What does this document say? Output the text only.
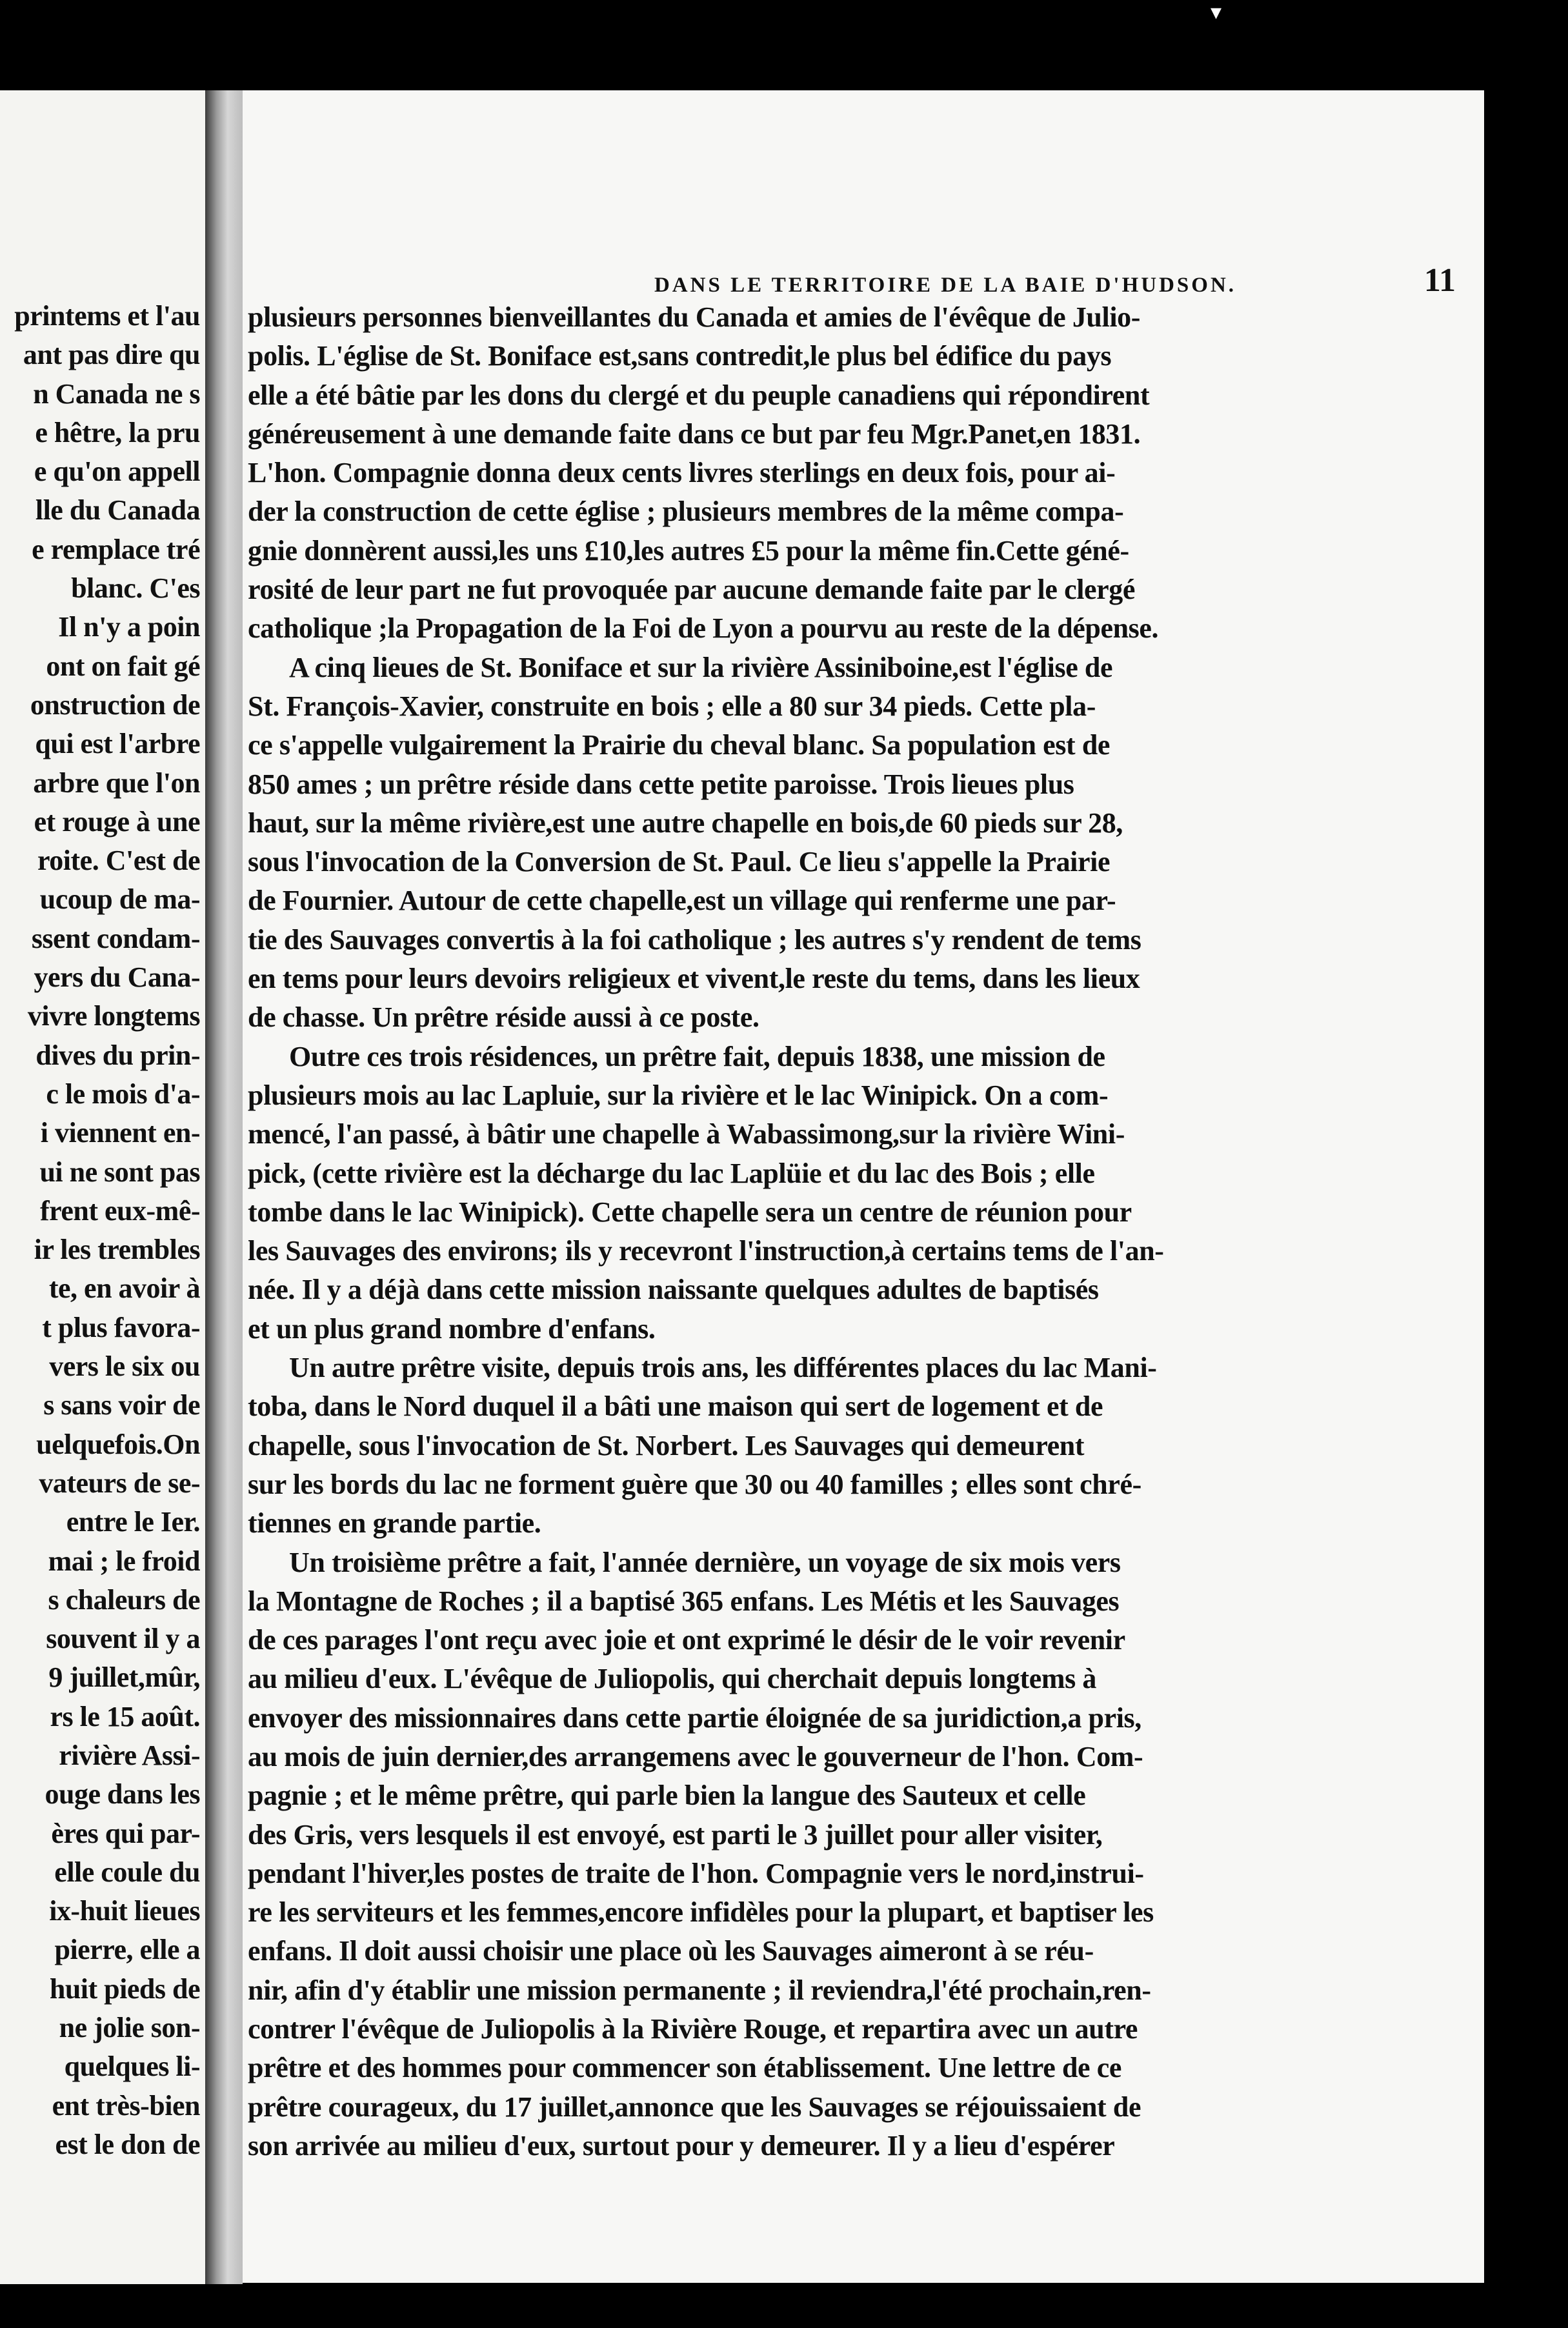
printems et l'au
ant pas dire qu
n Canada ne s
e hêtre, la pru
e qu'on appell
lle du Canada
e remplace tré
blanc. C'es
Il n'y a poin
ont on fait gé
onstruction de
qui est l'arbre
arbre que l'on
et rouge à une
roite. C'est de
ucoup de ma-
ssent condam-
yers du Cana-
vivre longtems
dives du prin-
c le mois d'a-
i viennent en-
ui ne sont pas
frent eux-mê-
ir les trembles
te, en avoir à
t plus favora-
vers le six ou
s sans voir de
uelquefois.On
vateurs de se-
entre le Ier.
mai ; le froid
s chaleurs de
souvent il y a
9 juillet,mûr,
rs le 15 août.
rivière Assi-
ouge dans les
ères qui par-
elle coule du
ix-huit lieues
pierre, elle a
huit pieds de
ne jolie son-
quelques li-
ent très-bien
est le don de
▾
DANS LE TERRITOIRE DE LA BAIE D'HUDSON.	11
plusieurs personnes bienveillantes du Canada et amies de l'évêque de Julio-
polis. L'église de St. Boniface est,sans contredit,le plus bel édifice du pays
elle a été bâtie par les dons du clergé et du peuple canadiens qui répondirent
généreusement à une demande faite dans ce but par feu Mgr.Panet,en 1831.
L'hon. Compagnie donna deux cents livres sterlings en deux fois, pour ai-
der la construction de cette église ; plusieurs membres de la même compa-
gnie donnèrent aussi,les uns £10,les autres £5 pour la même fin.Cette géné-
rosité de leur part ne fut provoquée par aucune demande faite par le clergé
catholique ;la Propagation de la Foi de Lyon a pourvu au reste de la dépense.
A cinq lieues de St. Boniface et sur la rivière Assiniboine,est l'église de
St. François-Xavier, construite en bois ; elle a 80 sur 34 pieds. Cette pla-
ce s'appelle vulgairement la Prairie du cheval blanc. Sa population est de
850 ames ; un prêtre réside dans cette petite paroisse. Trois lieues plus
haut, sur la même rivière,est une autre chapelle en bois,de 60 pieds sur 28,
sous l'invocation de la Conversion de St. Paul. Ce lieu s'appelle la Prairie
de Fournier. Autour de cette chapelle,est un village qui renferme une par-
tie des Sauvages convertis à la foi catholique ; les autres s'y rendent de tems
en tems pour leurs devoirs religieux et vivent,le reste du tems, dans les lieux
de chasse. Un prêtre réside aussi à ce poste.
Outre ces trois résidences, un prêtre fait, depuis 1838, une mission de
plusieurs mois au lac Lapluie, sur la rivière et le lac Winipick. On a com-
mencé, l'an passé, à bâtir une chapelle à Wabassimong,sur la rivière Wini-
pick, (cette rivière est la décharge du lac Laplüie et du lac des Bois ; elle
tombe dans le lac Winipick). Cette chapelle sera un centre de réunion pour
les Sauvages des environs; ils y recevront l'instruction,à certains tems de l'an-
née. Il y a déjà dans cette mission naissante quelques adultes de baptisés
et un plus grand nombre d'enfans.
Un autre prêtre visite, depuis trois ans, les différentes places du lac Mani-
toba, dans le Nord duquel il a bâti une maison qui sert de logement et de
chapelle, sous l'invocation de St. Norbert. Les Sauvages qui demeurent
sur les bords du lac ne forment guère que 30 ou 40 familles ; elles sont chré-
tiennes en grande partie.
Un troisième prêtre a fait, l'année dernière, un voyage de six mois vers
la Montagne de Roches ; il a baptisé 365 enfans. Les Métis et les Sauvages
de ces parages l'ont reçu avec joie et ont exprimé le désir de le voir revenir
au milieu d'eux. L'évêque de Juliopolis, qui cherchait depuis longtems à
envoyer des missionnaires dans cette partie éloignée de sa juridiction,a pris,
au mois de juin dernier,des arrangemens avec le gouverneur de l'hon. Com-
pagnie ; et le même prêtre, qui parle bien la langue des Sauteux et celle
des Gris, vers lesquels il est envoyé, est parti le 3 juillet pour aller visiter,
pendant l'hiver,les postes de traite de l'hon. Compagnie vers le nord,instrui-
re les serviteurs et les femmes,encore infidèles pour la plupart, et baptiser les
enfans. Il doit aussi choisir une place où les Sauvages aimeront à se réu-
nir, afin d'y établir une mission permanente ; il reviendra,l'été prochain,ren-
contrer l'évêque de Juliopolis à la Rivière Rouge, et repartira avec un autre
prêtre et des hommes pour commencer son établissement. Une lettre de ce
prêtre courageux, du 17 juillet,annonce que les Sauvages se réjouissaient de
son arrivée au milieu d'eux, surtout pour y demeurer. Il y a lieu d'espérer
